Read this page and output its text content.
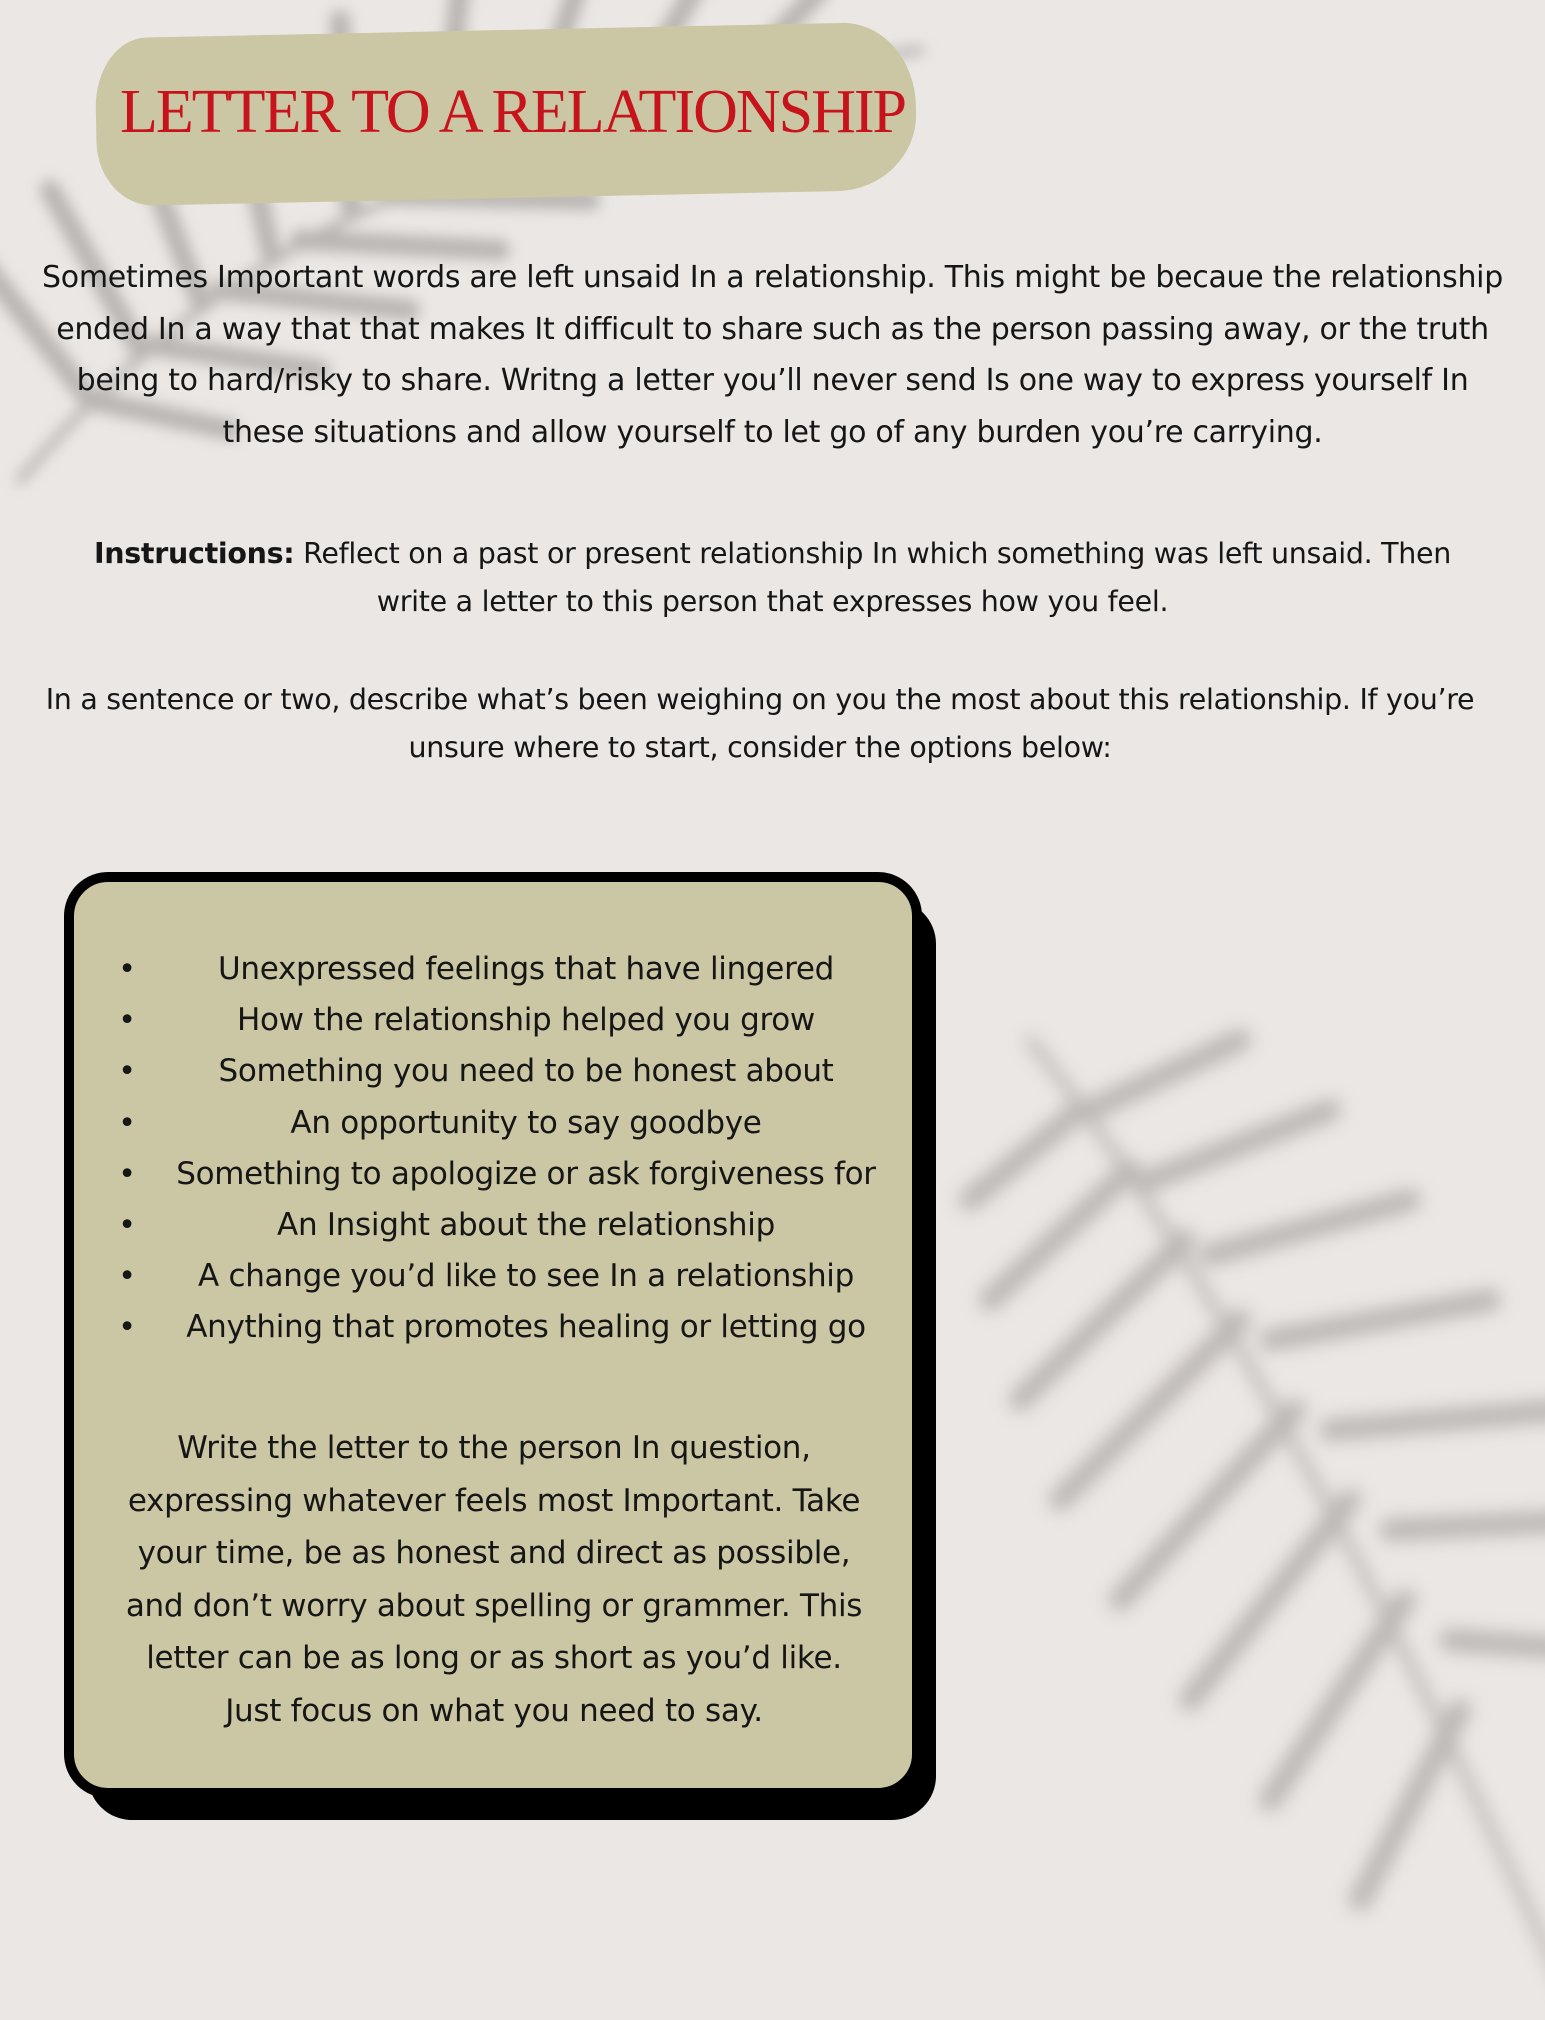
LETTER TO A RELATIONSHIP

Sometimes Important words are left unsaid In a relationship. This might be becaue the relationship ended In a way that that makes It difficult to share such as the person passing away, or the truth being to hard/risky to share. Writng a letter you’ll never send Is one way to express yourself In these situations and allow yourself to let go of any burden you’re carrying.

Instructions: Reflect on a past or present relationship In which something was left unsaid. Then write a letter to this person that expresses how you feel.

In a sentence or two, describe what’s been weighing on you the most about this relationship. If you’re unsure where to start, consider the options below:

•	Unexpressed feelings that have lingered
•	How the relationship helped you grow
•	Something you need to be honest about
•	An opportunity to say goodbye
•	Something to apologize or ask forgiveness for
•	An Insight about the relationship
•	A change you’d like to see In a relationship
•	Anything that promotes healing or letting go

Write the letter to the person In question, expressing whatever feels most Important. Take your time, be as honest and direct as possible, and don’t worry about spelling or grammer. This letter can be as long or as short as you’d like. Just focus on what you need to say.
